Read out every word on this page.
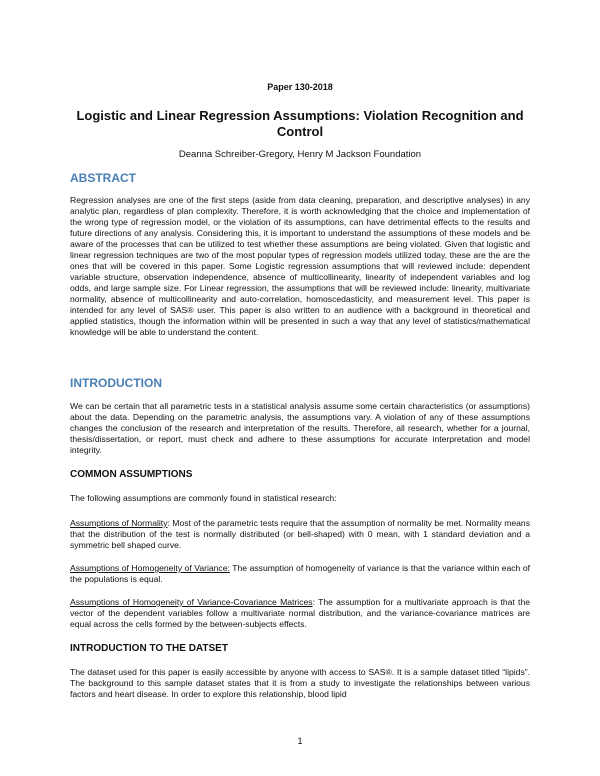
Paper 130-2018
Logistic and Linear Regression Assumptions: Violation Recognition and Control
Deanna Schreiber-Gregory, Henry M Jackson Foundation
ABSTRACT
Regression analyses are one of the first steps (aside from data cleaning, preparation, and descriptive analyses) in any analytic plan, regardless of plan complexity. Therefore, it is worth acknowledging that the choice and implementation of the wrong type of regression model, or the violation of its assumptions, can have detrimental effects to the results and future directions of any analysis. Considering this, it is important to understand the assumptions of these models and be aware of the processes that can be utilized to test whether these assumptions are being violated. Given that logistic and linear regression techniques are two of the most popular types of regression models utilized today, these are the are the ones that will be covered in this paper. Some Logistic regression assumptions that will reviewed include: dependent variable structure, observation independence, absence of multicollinearity, linearity of independent variables and log odds, and large sample size. For Linear regression, the assumptions that will be reviewed include: linearity, multivariate normality, absence of multicollinearity and auto-correlation, homoscedasticity, and measurement level. This paper is intended for any level of SAS® user. This paper is also written to an audience with a background in theoretical and applied statistics, though the information within will be presented in such a way that any level of statistics/mathematical knowledge will be able to understand the content.
INTRODUCTION
We can be certain that all parametric tests in a statistical analysis assume some certain characteristics (or assumptions) about the data. Depending on the parametric analysis, the assumptions vary. A violation of any of these assumptions changes the conclusion of the research and interpretation of the results. Therefore, all research, whether for a journal, thesis/dissertation, or report, must check and adhere to these assumptions for accurate interpretation and model integrity.
COMMON ASSUMPTIONS
The following assumptions are commonly found in statistical research:
Assumptions of Normality: Most of the parametric tests require that the assumption of normality be met. Normality means that the distribution of the test is normally distributed (or bell-shaped) with 0 mean, with 1 standard deviation and a symmetric bell shaped curve.
Assumptions of Homogeneity of Variance: The assumption of homogeneity of variance is that the variance within each of the populations is equal.
Assumptions of Homogeneity of Variance-Covariance Matrices: The assumption for a multivariate approach is that the vector of the dependent variables follow a multivariate normal distribution, and the variance-covariance matrices are equal across the cells formed by the between-subjects effects.
INTRODUCTION TO THE DATSET
The dataset used for this paper is easily accessible by anyone with access to SAS®. It is a sample dataset titled “lipids”. The background to this sample dataset states that it is from a study to investigate the relationships between various factors and heart disease. In order to explore this relationship, blood lipid
1
